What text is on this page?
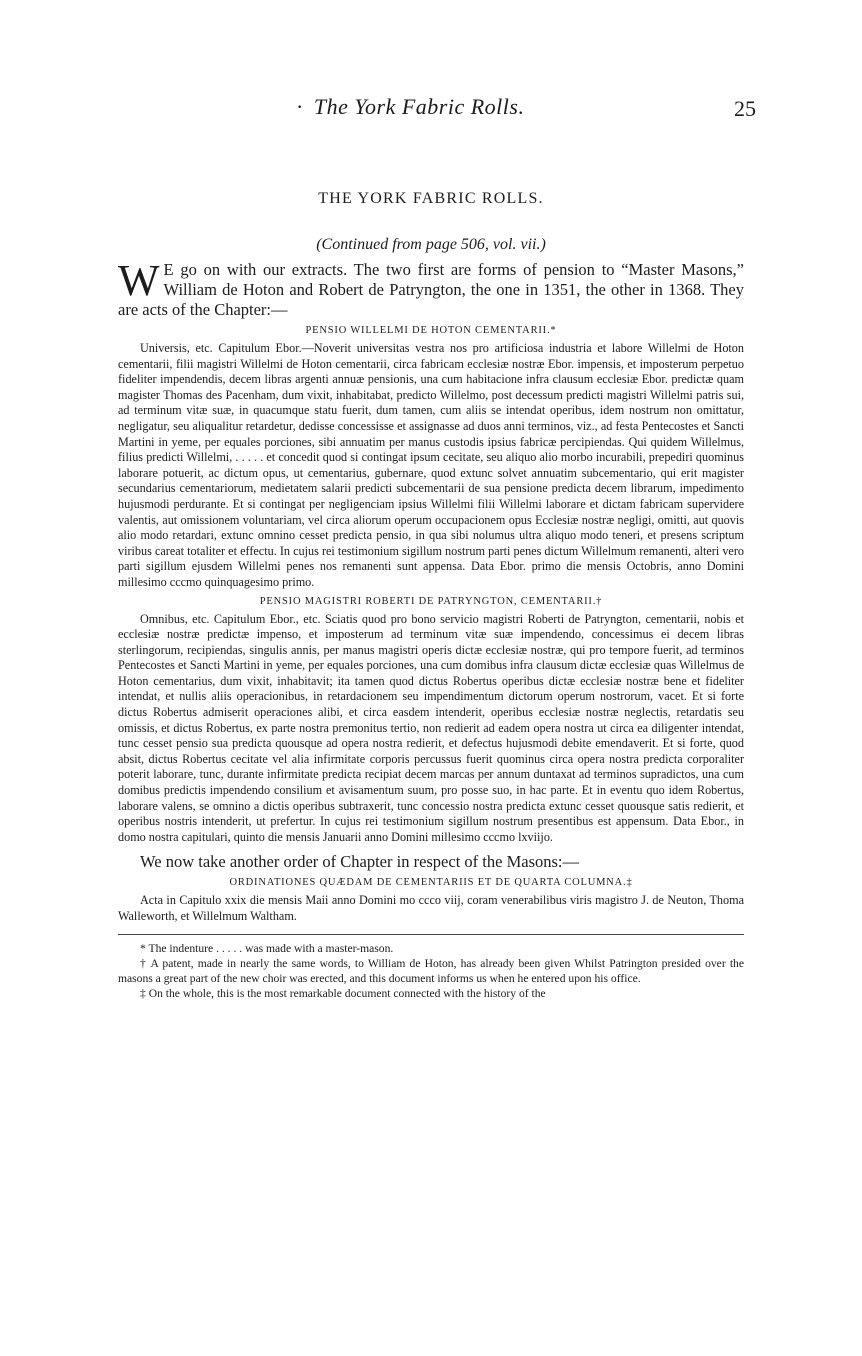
· The York Fabric Rolls.	25
THE YORK FABRIC ROLLS.
(Continued from page 506, vol. vii.)

W E go on with our extracts. The two first are forms of pension to “Master Masons,” William de Hoton and Robert de Patryngton, the one in 1351, the other in 1368. They are acts of the Chapter:—

PENSIO WILLELMI DE HOTON CEMENTARII.*

Universis, etc. Capitulum Ebor.—Noverit universitas vestra nos pro artificiosa industria et labore Willelmi de Hoton cementarii, filii magistri Willelmi de Hoton cementarii, circa fabricam ecclesiæ nostræ Ebor. impensis, et imposterum perpetuo fideliter impendendis, decem libras argenti annuæ pensionis, una cum habitacione infra clausum ecclesiæ Ebor. predictæ quam magister Thomas des Pacenham, dum vixit, inhabitabat, predicto Willelmo, post decessum predicti magistri Willelmi patris sui, ad terminum vitæ suæ, in quacumque statu fuerit, dum tamen, cum aliis se intendat operibus, idem nostrum non omittatur, negligatur, seu aliqualitur retardetur, dedisse concessisse et assignasse ad duos anni terminos, viz., ad festa Pentecostes et Sancti Martini in yeme, per equales porciones, sibi annuatim per manus custodis ipsius fabricæ percipiendas. Qui quidem Willelmus, filius predicti Willelmi, . . . . . et concedit quod si contingat ipsum cecitate, seu aliquo alio morbo incurabili, prepediri quominus laborare potuerit, ac dictum opus, ut cementarius, gubernare, quod extunc solvet annuatim subcementario, qui erit magister secundarius cementariorum, medietatem salarii predicti subcementarii de sua pensione predicta decem librarum, impedimento hujusmodi perdurante. Et si contingat per negligenciam ipsius Willelmi filii Willelmi laborare et dictam fabricam supervidere valentis, aut omissionem voluntariam, vel circa aliorum operum occupacionem opus Ecclesiæ nostræ negligi, omitti, aut quovis alio modo retardari, extunc omnino cesset predicta pensio, in qua sibi nolumus ultra aliquo modo teneri, et presens scriptum viribus careat totaliter et effectu. In cujus rei testimonium sigillum nostrum parti penes dictum Willelmum remanenti, alteri vero parti sigillum ejusdem Willelmi penes nos remanenti sunt appensa. Data Ebor. primo die mensis Octobris, anno Domini millesimo cccmo quinquagesimo primo.

PENSIO MAGISTRI ROBERTI DE PATRYNGTON, CEMENTARII.†

Omnibus, etc. Capitulum Ebor., etc. Sciatis quod pro bono servicio magistri Roberti de Patryngton, cementarii, nobis et ecclesiæ nostræ predictæ impenso, et imposterum ad terminum vitæ suæ impendendo, concessimus ei decem libras sterlingorum, recipiendas, singulis annis, per manus magistri operis dictæ ecclesiæ nostræ, qui pro tempore fuerit, ad terminos Pentecostes et Sancti Martini in yeme, per equales porciones, una cum domibus infra clausum dictæ ecclesiæ quas Willelmus de Hoton cementarius, dum vixit, inhabitavit; ita tamen quod dictus Robertus operibus dictæ ecclesiæ nostræ bene et fideliter intendat, et nullis aliis operacionibus, in retardacionem seu impendimentum dictorum operum nostrorum, vacet. Et si forte dictus Robertus admiserit operaciones alibi, et circa easdem intenderit, operibus ecclesiæ nostræ neglectis, retardatis seu omissis, et dictus Robertus, ex parte nostra premonitus tertio, non redierit ad eadem opera nostra ut circa ea diligenter intendat, tunc cesset pensio sua predicta quousque ad opera nostra redierit, et defectus hujusmodi debite emendaverit. Et si forte, quod absit, dictus Robertus cecitate vel alia infirmitate corporis percussus fuerit quominus circa opera nostra predicta corporaliter poterit laborare, tunc, durante infirmitate predicta recipiat decem marcas per annum duntaxat ad terminos supradictos, una cum domibus predictis impendendo consilium et avisamentum suum, pro posse suo, in hac parte. Et in eventu quo idem Robertus, laborare valens, se omnino a dictis operibus subtraxerit, tunc concessio nostra predicta extunc cesset quousque satis redierit, et operibus nostris intenderit, ut prefertur. In cujus rei testimonium sigillum nostrum presentibus est appensum. Data Ebor., in domo nostra capitulari, quinto die mensis Januarii anno Domini millesimo cccmo lxviijo.

We now take another order of Chapter in respect of the Masons:—

ORDINATIONES QUÆDAM DE CEMENTARIIS ET DE QUARTA COLUMNA.‡

Acta in Capitulo xxix die mensis Maii anno Domini mo ccco viij, coram venerabilibus viris magistro J. de Neuton, Thoma Walleworth, et Willelmum Waltham.

* The indenture . . . . . was made with a master-mason.

† A patent, made in nearly the same words, to William de Hoton, has already been given Whilst Patrington presided over the masons a great part of the new choir was erected, and this document informs us when he entered upon his office.

‡ On the whole, this is the most remarkable document connected with the history of the
